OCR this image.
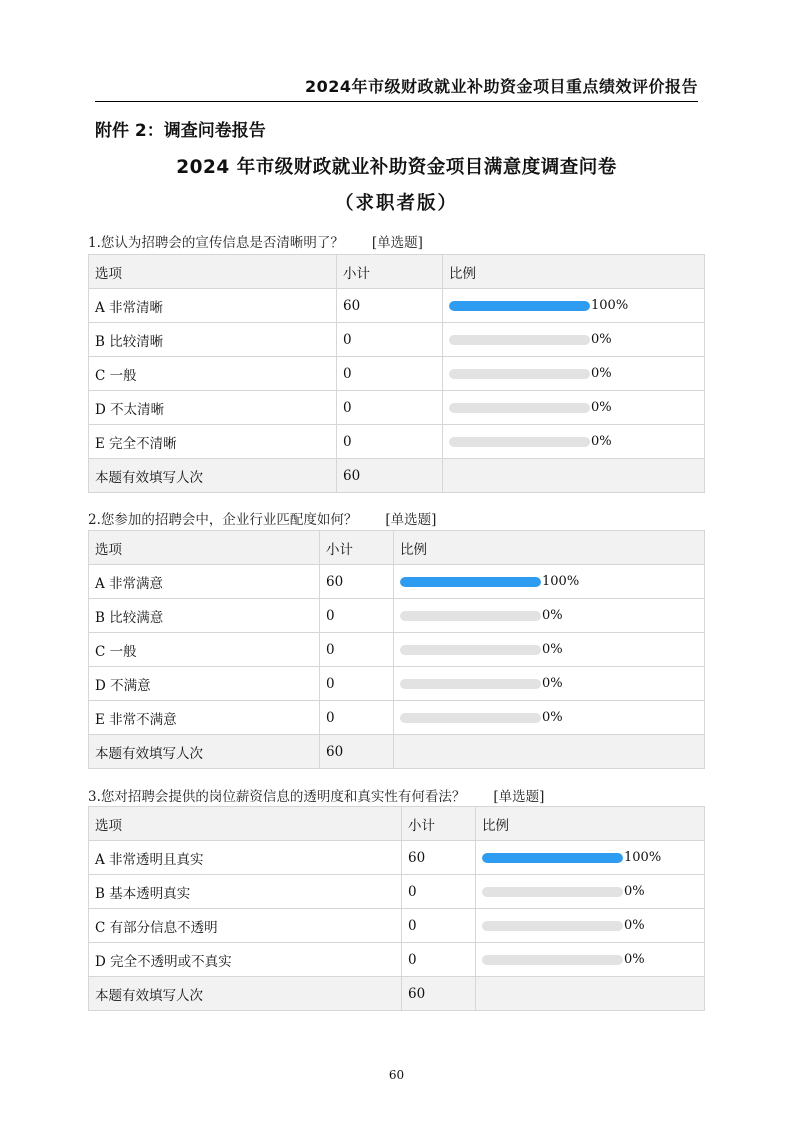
2024年市级财政就业补助资金项目重点绩效评价报告
附件 2：调查问卷报告
2024 年市级财政就业补助资金项目满意度调查问卷
（求职者版）
1.您认为招聘会的宣传信息是否清晰明了？ [单选题]
选项	小计	比例
A 非常清晰	60	100%

B 比较清晰	0	0%

C 一般	0	0%

D 不太清晰	0	0%

E 完全不清晰	0	0%

本题有效填写人次	60	
2.您参加的招聘会中，企业行业匹配度如何？ [单选题]
选项	小计	比例
A 非常满意	60	100%

B 比较满意	0	0%

C 一般	0	0%

D 不满意	0	0%

E 非常不满意	0	0%

本题有效填写人次	60	
3.您对招聘会提供的岗位薪资信息的透明度和真实性有何看法？ [单选题]
选项	小计	比例
A 非常透明且真实	60	100%

B 基本透明真实	0	0%

C 有部分信息不透明	0	0%

D 完全不透明或不真实	0	0%

本题有效填写人次	60	
60
